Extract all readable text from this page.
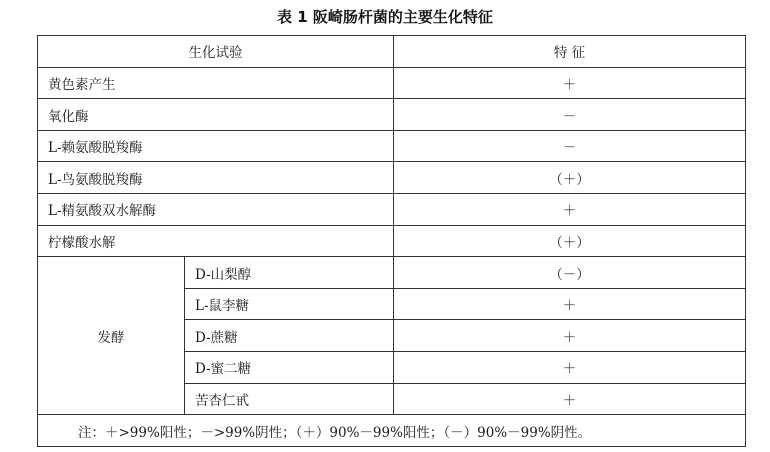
表 1 阪崎肠杆菌的主要生化特征
生化试验		特 征
黄色素产生		＋
氧化酶		－
L-赖氨酸脱羧酶		－
L-鸟氨酸脱羧酶		（＋）
L-精氨酸双水解酶		＋
柠檬酸水解		（＋）
发酵	D-山梨醇	（－）
	L-鼠李糖	＋
	D-蔗糖	＋
	D-蜜二糖	＋
	苦杏仁甙	＋
注：＋>99%阳性；－>99%阴性；（＋）90%－99%阳性；（－）90%－99%阴性。		
